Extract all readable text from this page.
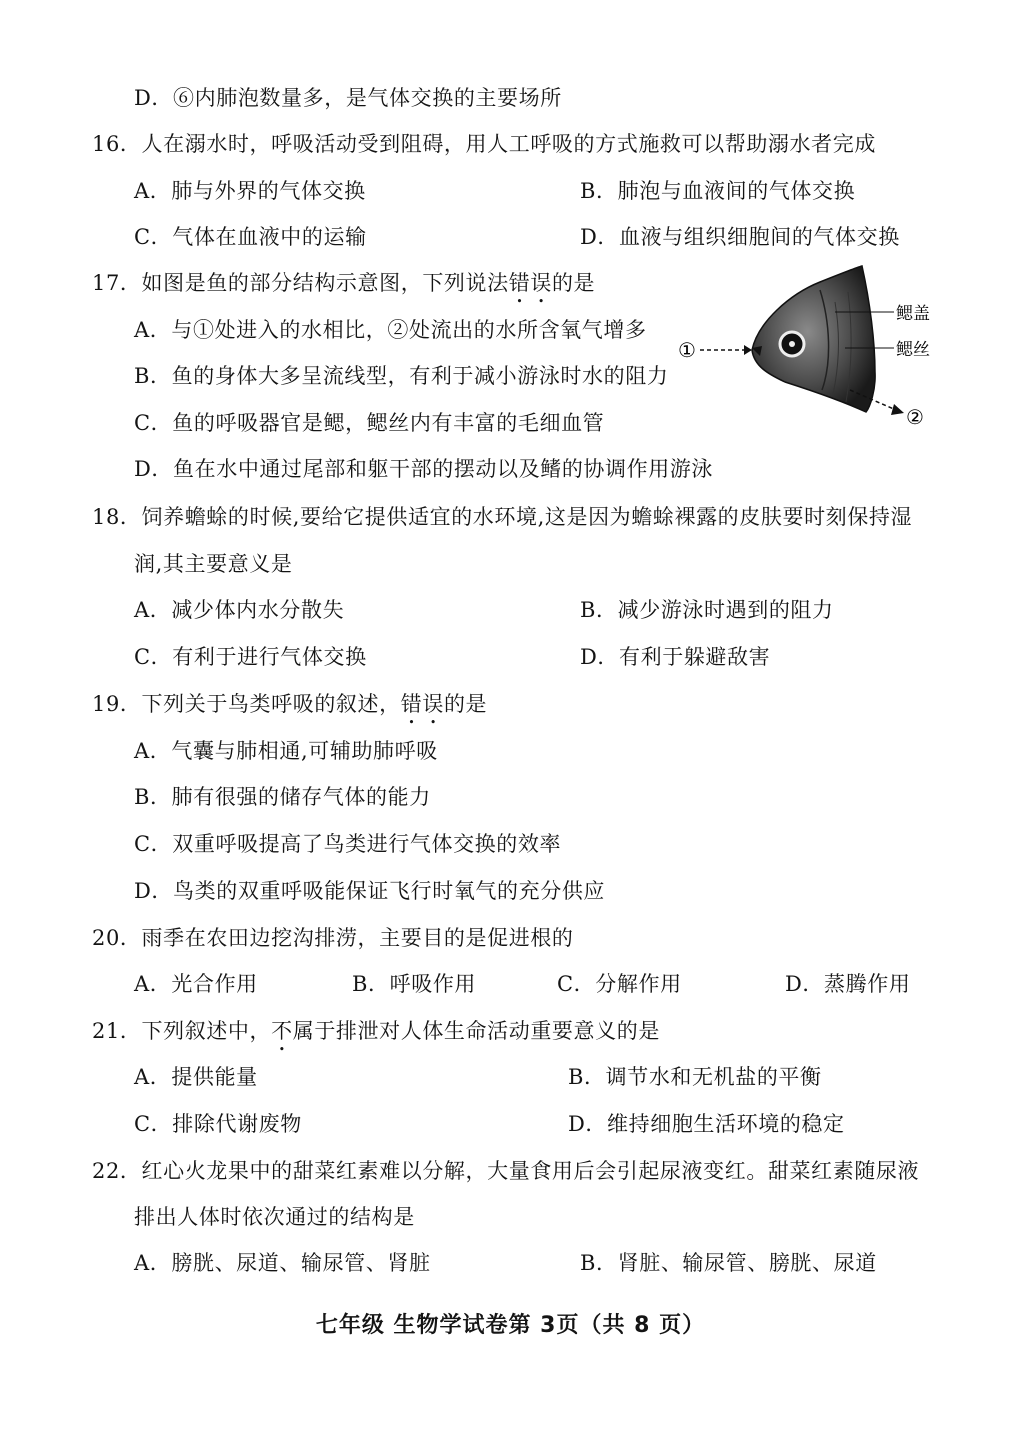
D．⑥内肺泡数量多，是气体交换的主要场所
16．人在溺水时，呼吸活动受到阻碍，用人工呼吸的方式施救可以帮助溺水者完成
A．肺与外界的气体交换	B．肺泡与血液间的气体交换
C．气体在血液中的运输	D．血液与组织细胞间的气体交换
17．如图是鱼的部分结构示意图，下列说法错误的是
A．与①处进入的水相比，②处流出的水所含氧气增多
B．鱼的身体大多呈流线型，有利于减小游泳时水的阻力
C．鱼的呼吸器官是鳃，鳃丝内有丰富的毛细血管
D．鱼在水中通过尾部和躯干部的摆动以及鳍的协调作用游泳
鳃盖
鳃丝
①
②
18．饲养蟾蜍的时候,要给它提供适宜的水环境,这是因为蟾蜍裸露的皮肤要时刻保持湿
润,其主要意义是
A．减少体内水分散失	B．减少游泳时遇到的阻力
C．有利于进行气体交换	D．有利于躲避敌害
19．下列关于鸟类呼吸的叙述，错误的是
A．气囊与肺相通,可辅助肺呼吸
B．肺有很强的储存气体的能力
C．双重呼吸提高了鸟类进行气体交换的效率
D．鸟类的双重呼吸能保证飞行时氧气的充分供应
20．雨季在农田边挖沟排涝，主要目的是促进根的
A．光合作用	B．呼吸作用	C．分解作用	D．蒸腾作用
21．下列叙述中，不属于排泄对人体生命活动重要意义的是
A．提供能量	B．调节水和无机盐的平衡
C．排除代谢废物	D．维持细胞生活环境的稳定
22．红心火龙果中的甜菜红素难以分解，大量食用后会引起尿液变红。甜菜红素随尿液
排出人体时依次通过的结构是
A．膀胱、尿道、输尿管、肾脏	B．肾脏、输尿管、膀胱、尿道
七年级 生物学试卷第 3页（共 8 页）
